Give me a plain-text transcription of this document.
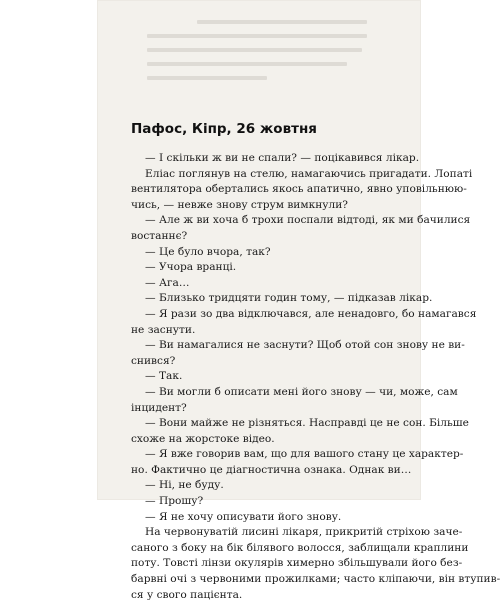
Пафос, Кіпр, 26 жовтня
— І скільки ж ви не спали? — поцікавився лікар.
Еліас поглянув на стелю, намагаючись пригадати. Лопаті
вентилятора обертались якось апатично, явно уповільнюю-
чись, — невже знову струм вимкнули?
— Але ж ви хоча б трохи поспали відтоді, як ми бачилися
востаннє?
— Це було вчора, так?
— Учора вранці.
— Ага…
— Близько тридцяти годин тому, — підказав лікар.
— Я рази зо два відключався, але ненадовго, бо намагався
не заснути.
— Ви намагалися не заснути? Щоб отой сон знову не ви-
снився?
— Так.
— Ви могли б описати мені його знову — чи, може, сам
інцидент?
— Вони майже не різняться. Насправді це не сон. Більше
схоже на жорстоке відео.
— Я вже говорив вам, що для вашого стану це характер-
но. Фактично це діагностична ознака. Однак ви…
— Ні, не буду.
— Прошу?
— Я не хочу описувати його знову.
На червонуватій лисині лікаря, прикритій стріхою заче-
саного з боку на бік білявого волосся, заблищали краплини
поту. Товсті лінзи окулярів химерно збільшували його без-
барвні очі з червоними прожилками; часто кліпаючи, він втупив-
ся у свого пацієнта.
